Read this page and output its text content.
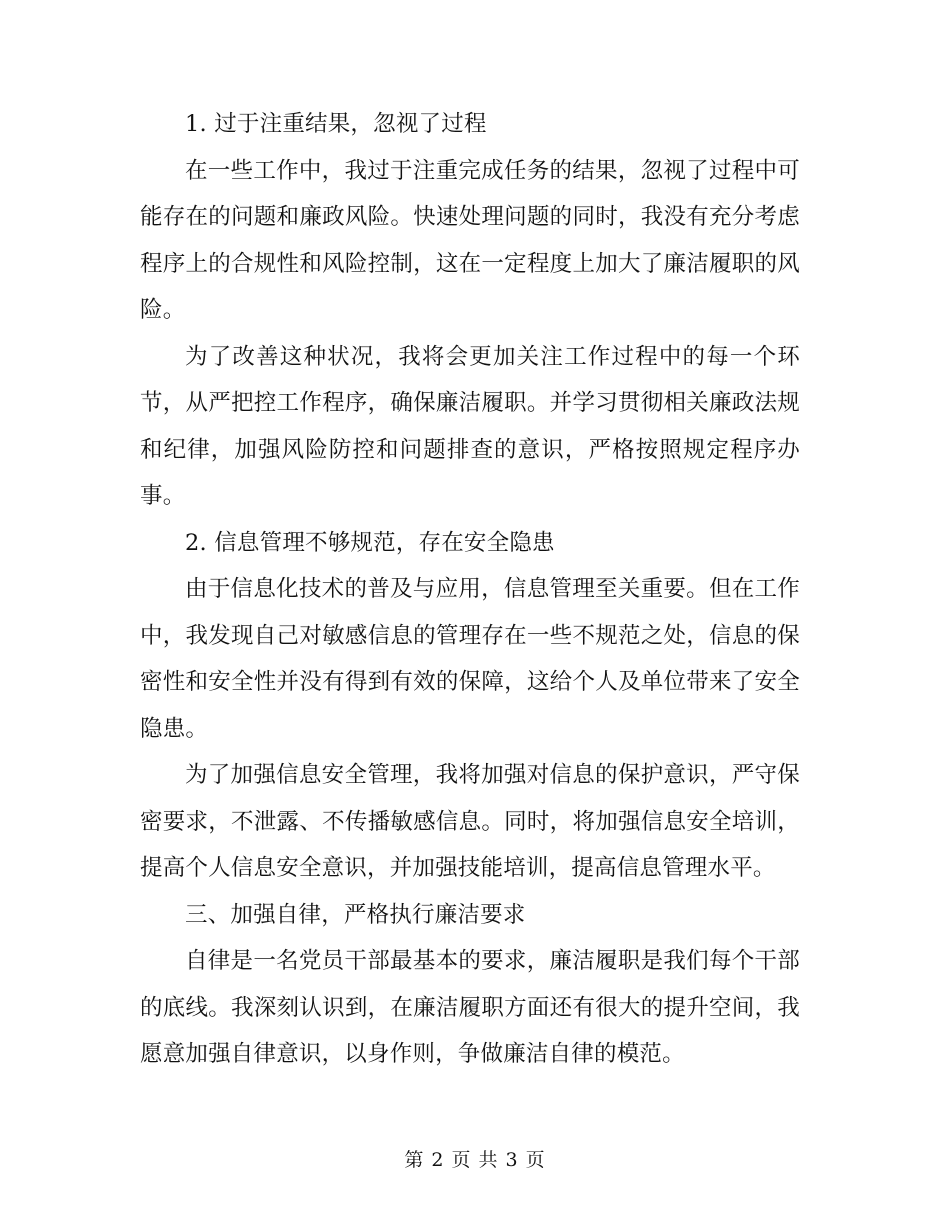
1. 过于注重结果，忽视了过程

在一些工作中，我过于注重完成任务的结果，忽视了过程中可能存在的问题和廉政风险。快速处理问题的同时，我没有充分考虑程序上的合规性和风险控制，这在一定程度上加大了廉洁履职的风险。

为了改善这种状况，我将会更加关注工作过程中的每一个环节，从严把控工作程序，确保廉洁履职。并学习贯彻相关廉政法规和纪律，加强风险防控和问题排查的意识，严格按照规定程序办事。

2. 信息管理不够规范，存在安全隐患

由于信息化技术的普及与应用，信息管理至关重要。但在工作中，我发现自己对敏感信息的管理存在一些不规范之处，信息的保密性和安全性并没有得到有效的保障，这给个人及单位带来了安全隐患。

为了加强信息安全管理，我将加强对信息的保护意识，严守保密要求，不泄露、不传播敏感信息。同时，将加强信息安全培训，提高个人信息安全意识，并加强技能培训，提高信息管理水平。

三、加强自律，严格执行廉洁要求

自律是一名党员干部最基本的要求，廉洁履职是我们每个干部的底线。我深刻认识到，在廉洁履职方面还有很大的提升空间，我愿意加强自律意识，以身作则，争做廉洁自律的模范。

第 2 页 共 3 页
